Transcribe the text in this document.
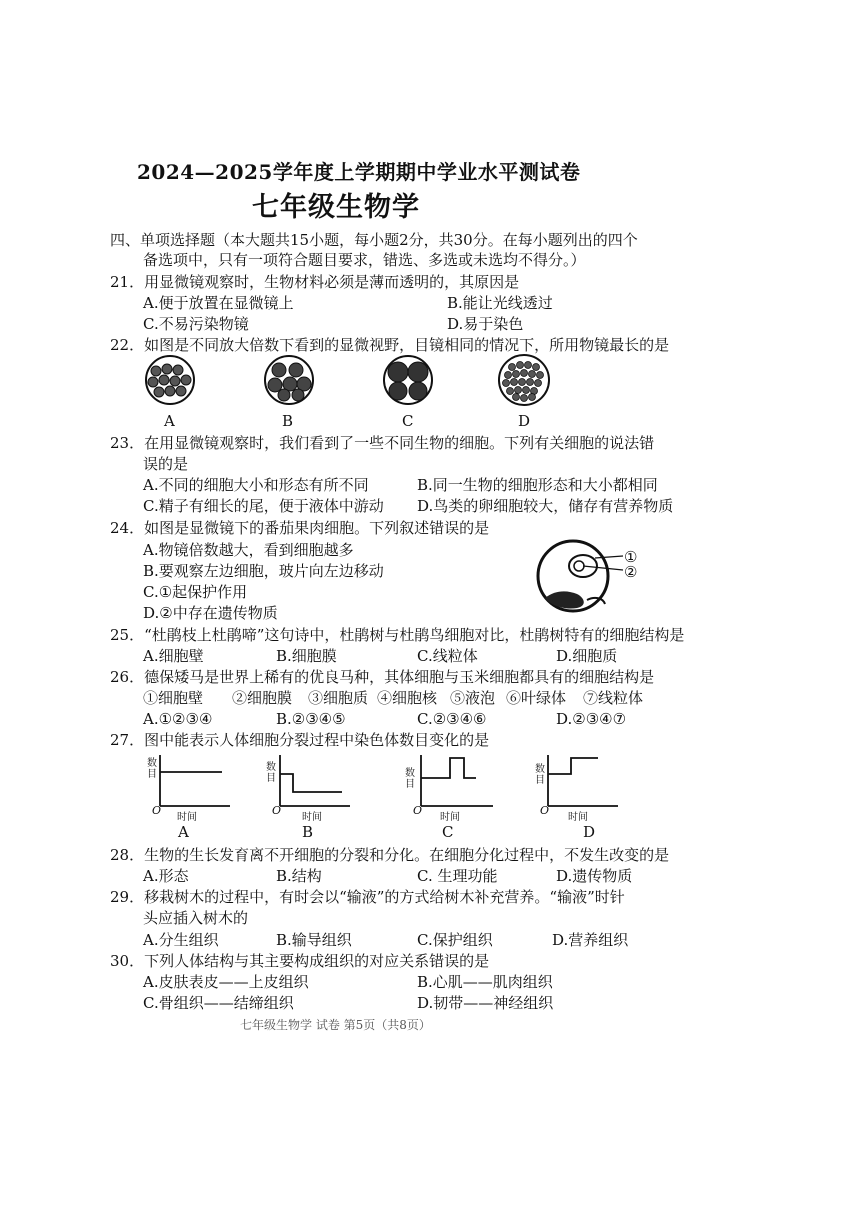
2024—2025学年度上学期期中学业水平测试卷
七年级生物学
四、单项选择题（本大题共15小题，每小题2分，共30分。在每小题列出的四个
备选项中，只有一项符合题目要求，错选、多选或未选均不得分。）
21．用显微镜观察时，生物材料必须是薄而透明的，其原因是
A.便于放置在显微镜上	B.能让光线透过
C.不易污染物镜	D.易于染色
22．如图是不同放大倍数下看到的显微视野，目镜相同的情况下，所用物镜最长的是
A	B	C	D
23．在用显微镜观察时，我们看到了一些不同生物的细胞。下列有关细胞的说法错
误的是
A.不同的细胞大小和形态有所不同	B.同一生物的细胞形态和大小都相同
C.精子有细长的尾，便于液体中游动 D.鸟类的卵细胞较大，储存有营养物质
24．如图是显微镜下的番茄果肉细胞。下列叙述错误的是
A.物镜倍数越大，看到细胞越多
B.要观察左边细胞，玻片向左边移动
C.①起保护作用
D.②中存在遗传物质
①
②
25．“杜鹃枝上杜鹃啼”这句诗中，杜鹃树与杜鹃鸟细胞对比，杜鹃树特有的细胞结构是
A.细胞壁	B.细胞膜	C.线粒体	D.细胞质
26．德保矮马是世界上稀有的优良马种，其体细胞与玉米细胞都具有的细胞结构是
①细胞壁 ②细胞膜 ③细胞质 ④细胞核 ⑤液泡 ⑥叶绿体 ⑦线粒体
A.①②③④	B.②③④⑤	C.②③④⑥	D.②③④⑦
27．图中能表示人体细胞分裂过程中染色体数目变化的是
数目
时间
O
数目
时间
O
数目
时间
O
数目
时间
O
A	B	C	D
28．生物的生长发育离不开细胞的分裂和分化。在细胞分化过程中，不发生改变的是
A.形态	B.结构	C. 生理功能	D.遗传物质
29．移栽树木的过程中，有时会以“输液”的方式给树木补充营养。“输液”时针
头应插入树木的
A.分生组织	B.输导组织	C.保护组织	D.营养组织
30．下列人体结构与其主要构成组织的对应关系错误的是
A.皮肤表皮——上皮组织	B.心肌——肌肉组织
C.骨组织——结缔组织	D.韧带——神经组织
七年级生物学 试卷 第5页（共8页）
